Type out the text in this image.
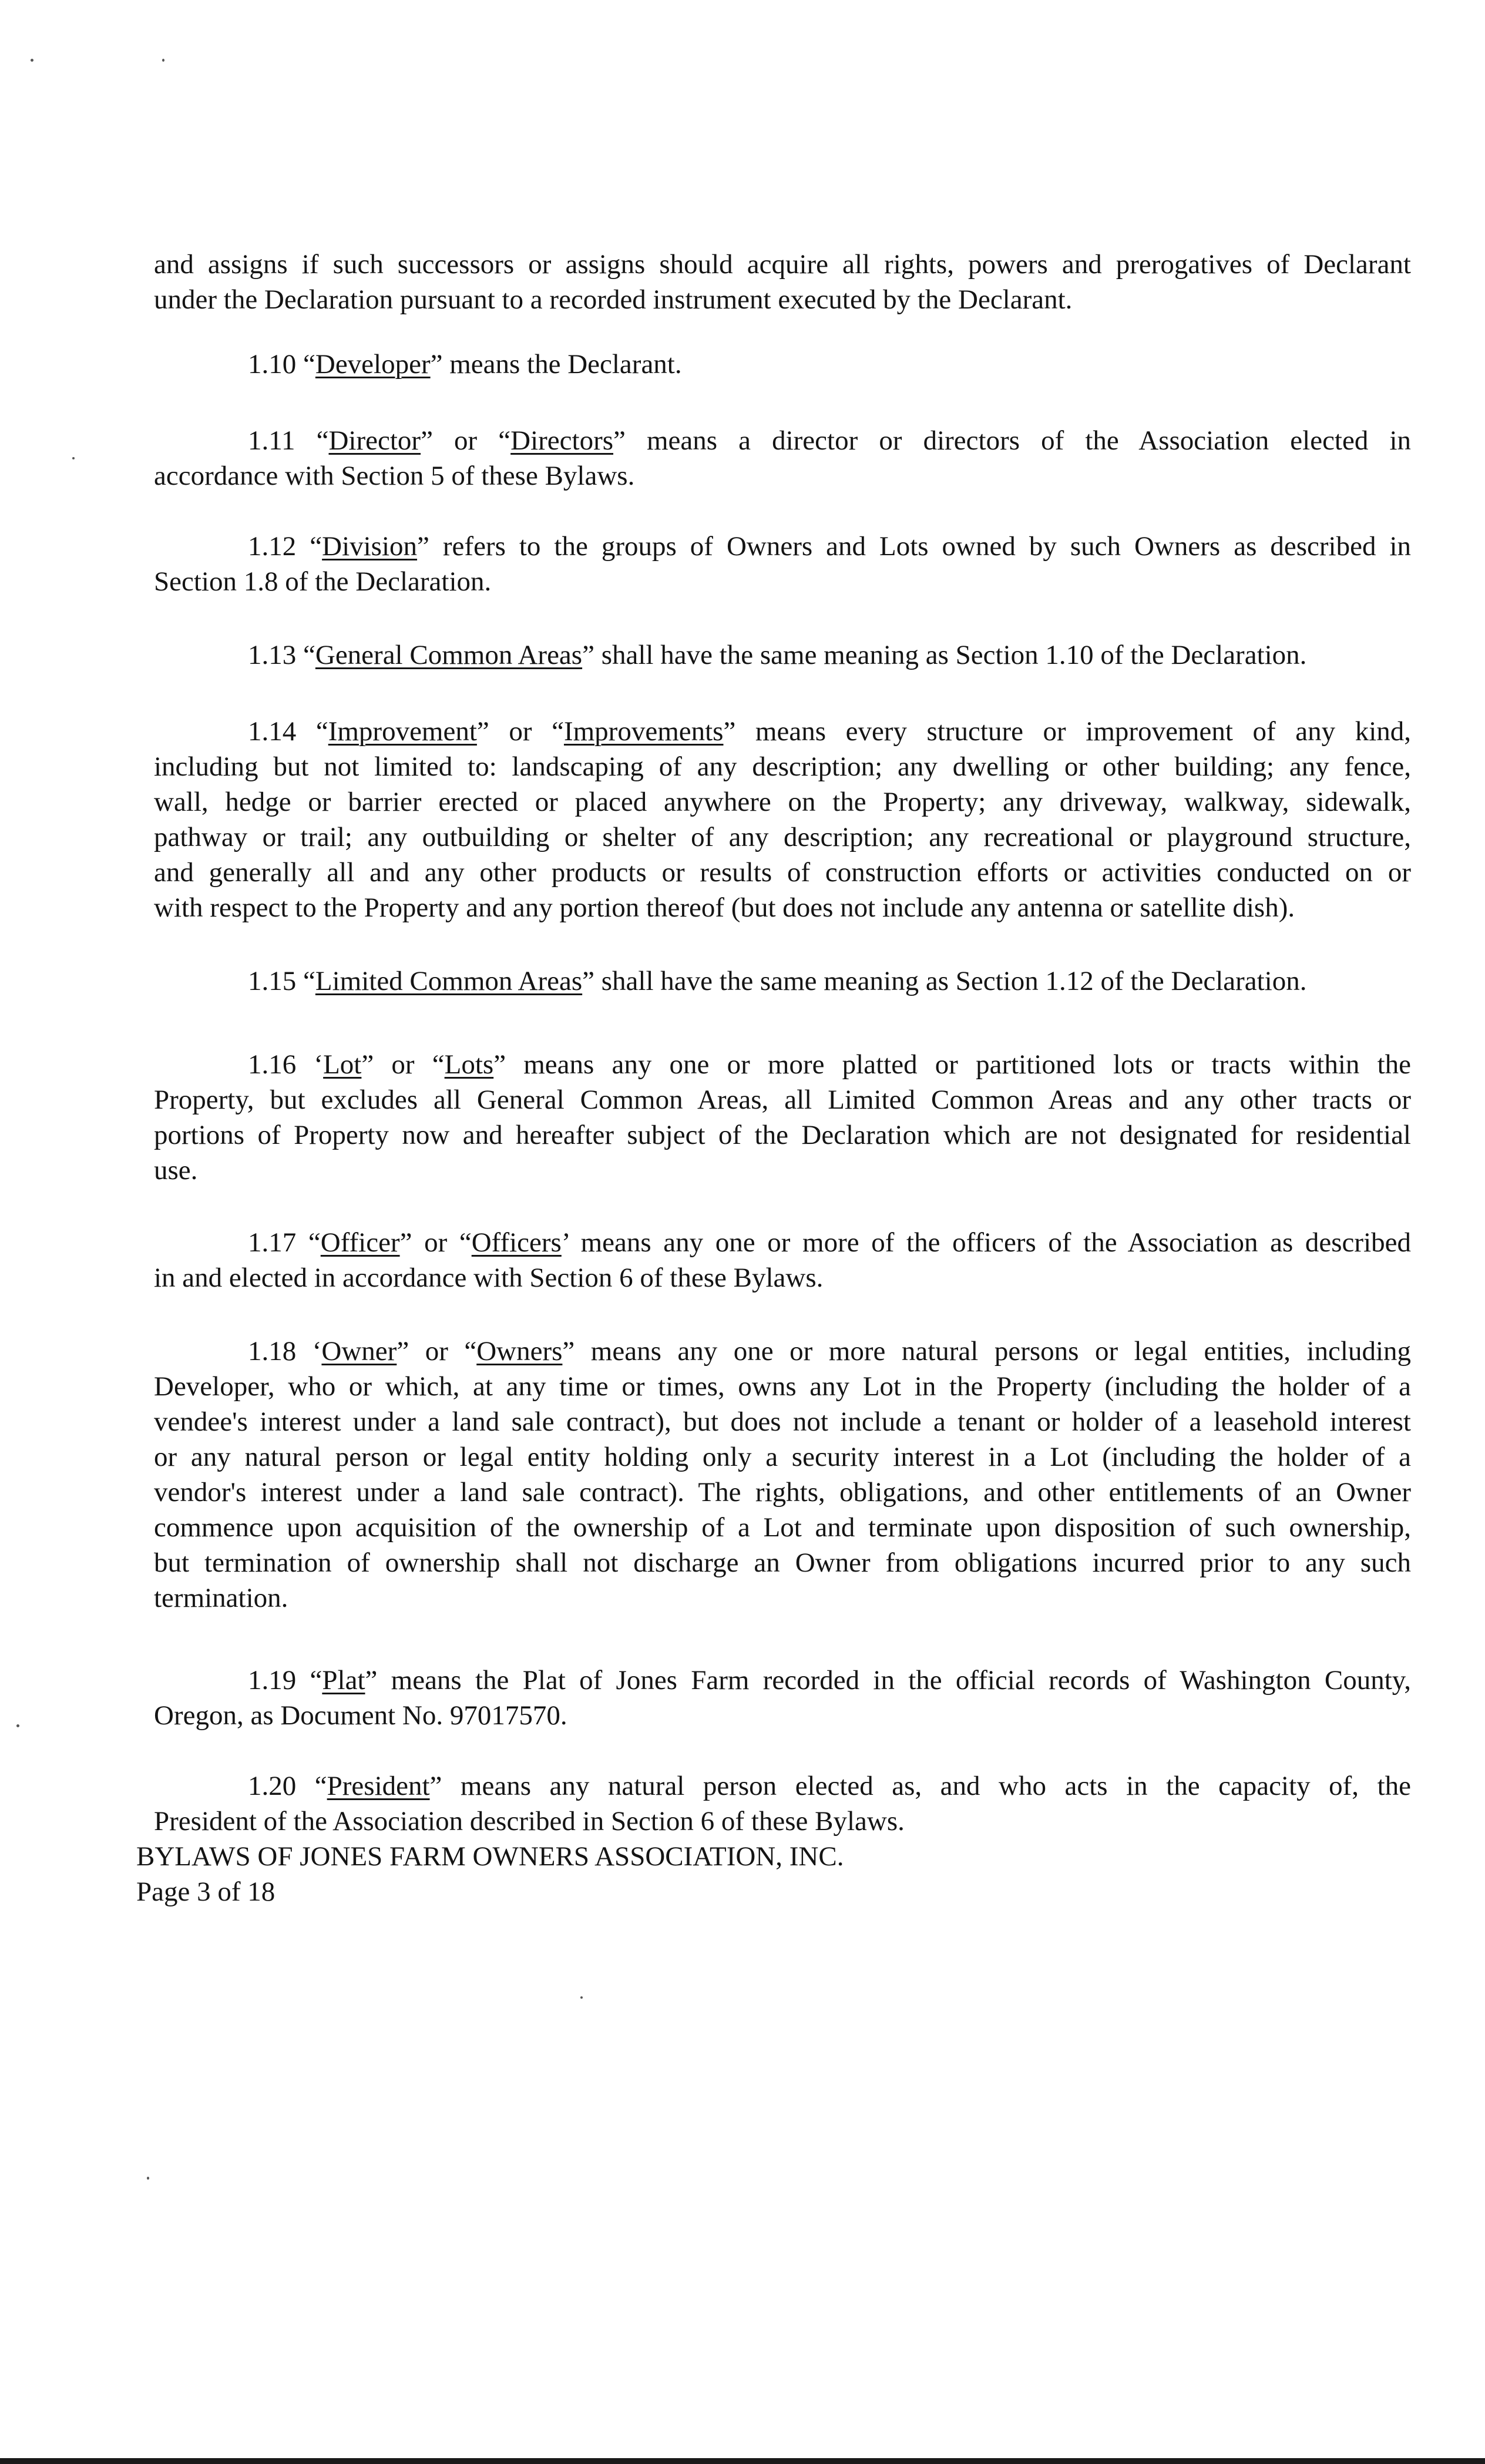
and assigns if such successors or assigns should acquire all rights, powers and prerogatives of Declarant
under the Declaration pursuant to a recorded instrument executed by the Declarant.
1.10 “Developer” means the Declarant.
1.11 “Director” or “Directors” means a director or directors of the Association elected in
accordance with Section 5 of these Bylaws.
1.12 “Division” refers to the groups of Owners and Lots owned by such Owners as described in
Section 1.8 of the Declaration.
1.13 “General Common Areas” shall have the same meaning as Section 1.10 of the Declaration.
1.14 “Improvement” or “Improvements” means every structure or improvement of any kind,
including but not limited to: landscaping of any description; any dwelling or other building; any fence,
wall, hedge or barrier erected or placed anywhere on the Property; any driveway, walkway, sidewalk,
pathway or trail; any outbuilding or shelter of any description; any recreational or playground structure,
and generally all and any other products or results of construction efforts or activities conducted on or
with respect to the Property and any portion thereof (but does not include any antenna or satellite dish).
1.15 “Limited Common Areas” shall have the same meaning as Section 1.12 of the Declaration.
1.16 ‘Lot” or “Lots” means any one or more platted or partitioned lots or tracts within the
Property, but excludes all General Common Areas, all Limited Common Areas and any other tracts or
portions of Property now and hereafter subject of the Declaration which are not designated for residential
use.
1.17 “Officer” or “Officers’ means any one or more of the officers of the Association as described
in and elected in accordance with Section 6 of these Bylaws.
1.18 ‘Owner” or “Owners” means any one or more natural persons or legal entities, including
Developer, who or which, at any time or times, owns any Lot in the Property (including the holder of a
vendee's interest under a land sale contract), but does not include a tenant or holder of a leasehold interest
or any natural person or legal entity holding only a security interest in a Lot (including the holder of a
vendor's interest under a land sale contract). The rights, obligations, and other entitlements of an Owner
commence upon acquisition of the ownership of a Lot and terminate upon disposition of such ownership,
but termination of ownership shall not discharge an Owner from obligations incurred prior to any such
termination.
1.19 “Plat” means the Plat of Jones Farm recorded in the official records of Washington County,
Oregon, as Document No. 97017570.
1.20 “President” means any natural person elected as, and who acts in the capacity of, the
President of the Association described in Section 6 of these Bylaws.
BYLAWS OF JONES FARM OWNERS ASSOCIATION, INC.
Page 3 of 18
